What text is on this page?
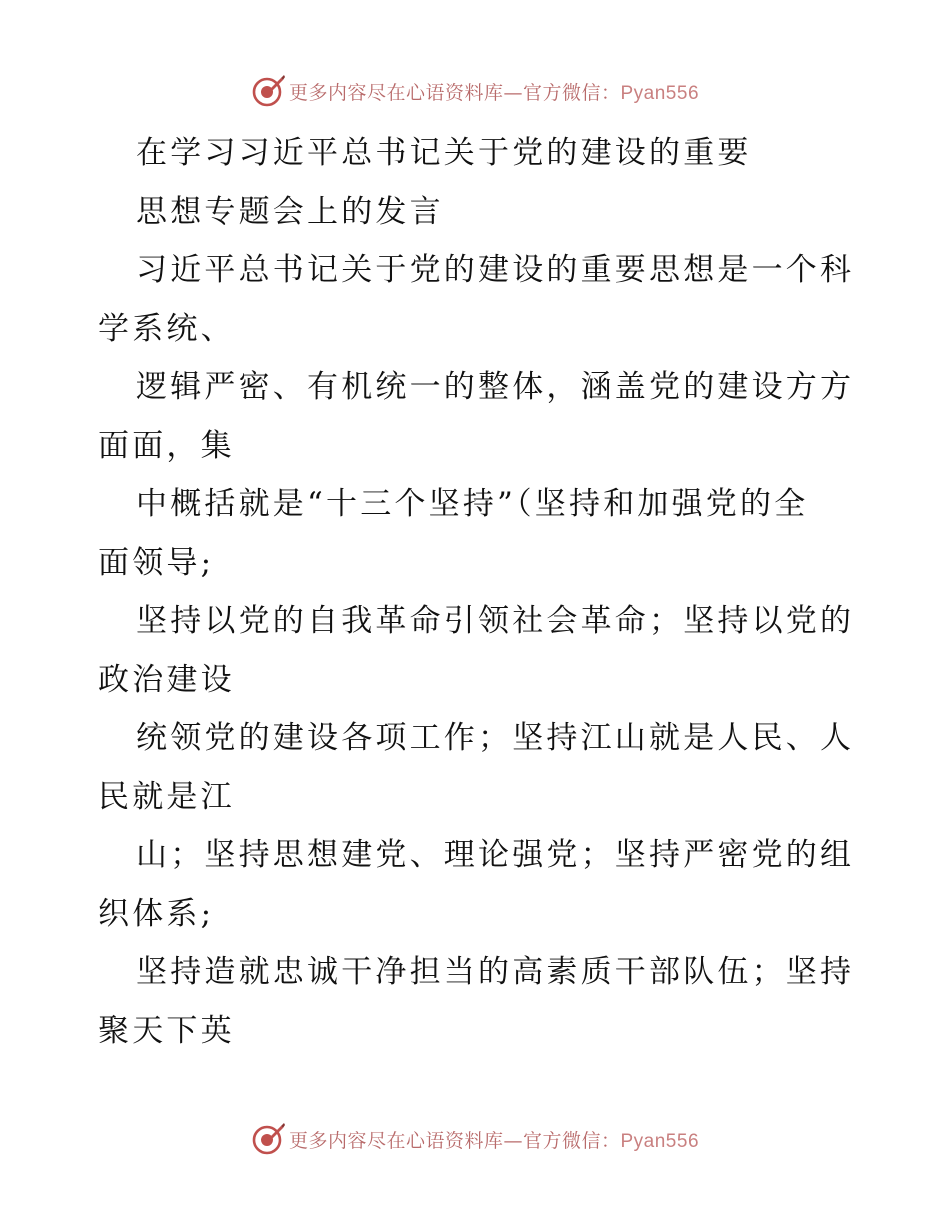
更多内容尽在心语资料库—官方微信：Pyan556
在学习习近平总书记关于党的建设的重要
思想专题会上的发言
习近平总书记关于党的建设的重要思想是一个科
学系统、
逻辑严密、有机统一的整体，涵盖党的建设方方
面面，集
中概括就是“十三个坚持”（坚持和加强党的全
面领导;
坚持以党的自我革命引领社会革命；坚持以党的
政治建设
统领党的建设各项工作；坚持江山就是人民、人
民就是江
山；坚持思想建党、理论强党；坚持严密党的组
织体系;
坚持造就忠诚干净担当的高素质干部队伍；坚持
聚天下英
更多内容尽在心语资料库—官方微信：Pyan556
